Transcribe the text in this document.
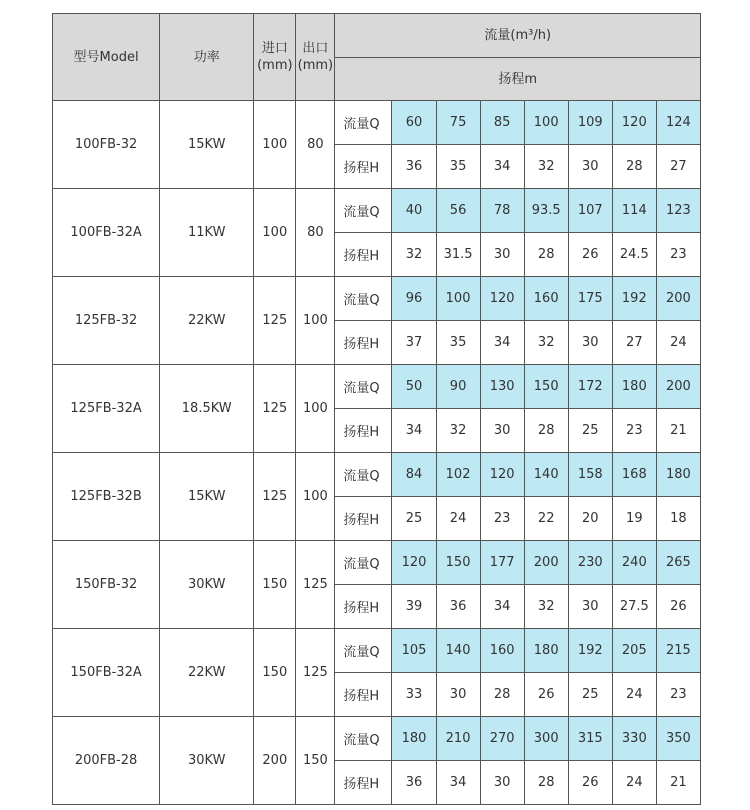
型号Model	功率	进口(mm)	出口(mm)	流量(m³/h)							
				扬程m							
100FB-32	15KW	100	80	流量Q	60	75	85	100	109	120	124
				扬程H	36	35	34	32	30	28	27
100FB-32A	11KW	100	80	流量Q	40	56	78	93.5	107	114	123
				扬程H	32	31.5	30	28	26	24.5	23
125FB-32	22KW	125	100	流量Q	96	100	120	160	175	192	200
				扬程H	37	35	34	32	30	27	24
125FB-32A	18.5KW	125	100	流量Q	50	90	130	150	172	180	200
				扬程H	34	32	30	28	25	23	21
125FB-32B	15KW	125	100	流量Q	84	102	120	140	158	168	180
				扬程H	25	24	23	22	20	19	18
150FB-32	30KW	150	125	流量Q	120	150	177	200	230	240	265
				扬程H	39	36	34	32	30	27.5	26
150FB-32A	22KW	150	125	流量Q	105	140	160	180	192	205	215
				扬程H	33	30	28	26	25	24	23
200FB-28	30KW	200	150	流量Q	180	210	270	300	315	330	350
				扬程H	36	34	30	28	26	24	21
